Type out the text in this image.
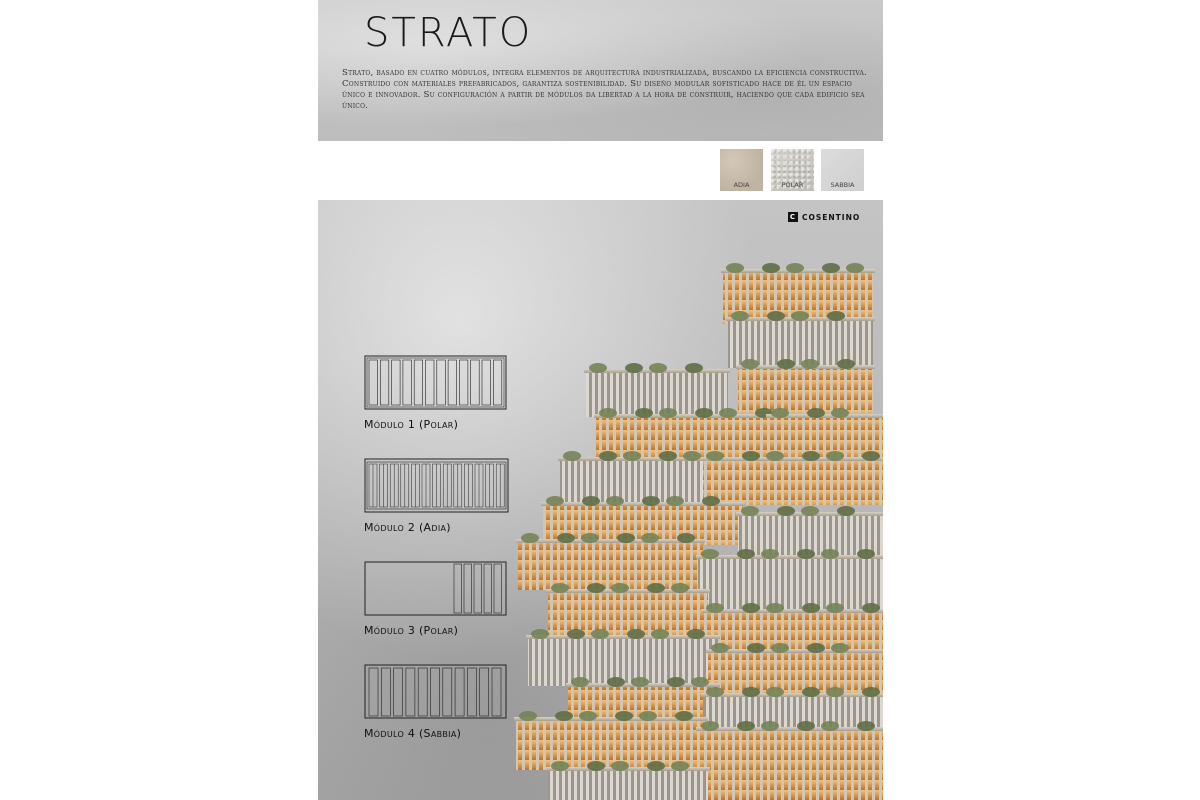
STRATO
Strato, basado en cuatro módulos, integra elementos de arquitectura industrializada, buscando la eficiencia constructiva. Construido con materiales prefabricados, garantiza sostenibilidad. Su diseño modular sofisticado hace de él un espacio único e innovador. Su configuración a partir de módulos da libertad a la hora de construir, haciendo que cada edificio sea único.
ADIA	POLAR	SABBIA
C COSENTINO
Módulo 1 (Polar)
Módulo 2 (Adia)
Módulo 3 (Polar)
Módulo 4 (Sabbia)
